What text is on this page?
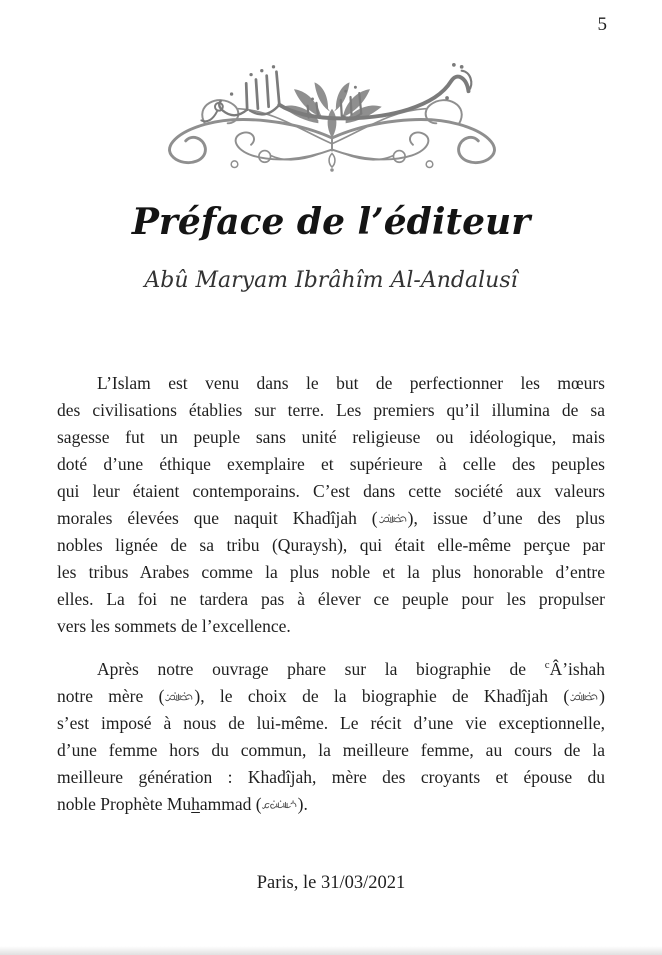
5
Préface de l’éditeur
Abû Maryam Ibrâhîm Al-Andalusî
L’Islam est venu dans le but de perfectionner les mœurs
des civilisations établies sur terre. Les premiers qu’il illumina de sa
sagesse fut un peuple sans unité religieuse ou idéologique, mais
doté d’une éthique exemplaire et supérieure à celle des peuples
qui leur étaient contemporains. C’est dans cette société aux valeurs
morales élevées que naquit Khadîjah ( ), issue d’une des plus
nobles lignée de sa tribu (Quraysh), qui était elle-même perçue par
les tribus Arabes comme la plus noble et la plus honorable d’entre
elles. La foi ne tardera pas à élever ce peuple pour les propulser
vers les sommets de l’excellence.
Après notre ouvrage phare sur la biographie de $^c$Â’ishah
notre mère ( ), le choix de la biographie de Khadîjah ( )
s’est imposé à nous de lui-même. Le récit d’une vie exceptionnelle,
d’une femme hors du commun, la meilleure femme, au cours de la
meilleure génération : Khadîjah, mère des croyants et épouse du
noble Prophète Muhammad ( ).
Paris, le 31/03/2021
